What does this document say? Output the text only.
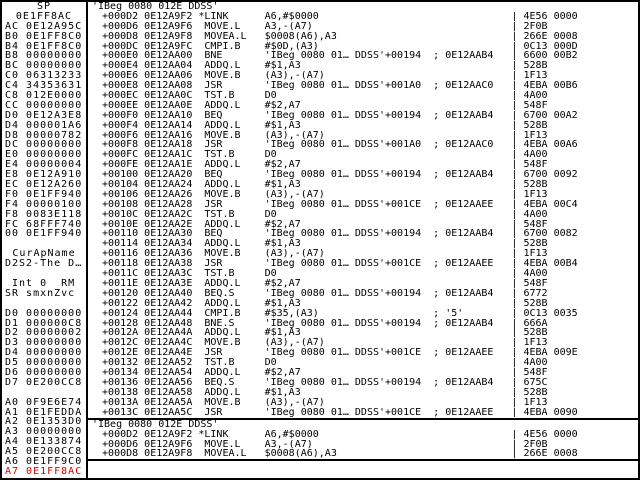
SP
0E1FF8AC
AC 0E12A95C
B0 0E1FF8C0
B4 0E1FF8C0
B8 00000000
BC 00000000
C0 06313233
C4 34353631
C8 012E0000
CC 00000000
D0 0E12A3E8
D4 000001A6
D8 00000782
DC 00000000
E0 00000000
E4 00000004
E8 0E12A910
EC 0E12A260
F0 0E1FF940
F4 00000100
F8 0083E118
FC 68FFF740
00 0E1FF940
CurApName
D2S2-The D…
Int 0  RM
SR smxnZvc
D0 00000000
D1 000000C8
D2 00000002
D3 00000000
D4 00000000
D5 00000000
D6 00000000
D7 0E200CC8
A0 0F9E6E74
A1 0E1FEDDA
A2 0E1353D0
A3 00000000
A4 0E133874
A5 0E200CC8
A6 0E1FF9C0
A7 0E1FF8AC
'IBeg 0080 012E DDSS'
+000D2 0E12A9F2 *LINK      A6,#$0000                                | 4E56 0000
+000D6 0E12A9F6  MOVE.L    A3,-(A7)                                 | 2F0B
+000D8 0E12A9F8  MOVEA.L   $0008(A6),A3                             | 266E 0008
+000DC 0E12A9FC  CMPI.B    #$0D,(A3)                                | 0C13 000D
+000E0 0E12AA00  BNE       'IBeg 0080 01… DDSS'+00194  ; 0E12AAB4   | 6600 00B2
+000E4 0E12AA04  ADDQ.L    #$1,A3                                   | 528B
+000E6 0E12AA06  MOVE.B    (A3),-(A7)                               | 1F13
+000E8 0E12AA08  JSR       'IBeg 0080 01… DDSS'+001A0  ; 0E12AAC0   | 4EBA 00B6
+000EC 0E12AA0C  TST.B     D0                                       | 4A00
+000EE 0E12AA0E  ADDQ.L    #$2,A7                                   | 548F
+000F0 0E12AA10  BEQ       'IBeg 0080 01… DDSS'+00194  ; 0E12AAB4   | 6700 00A2
+000F4 0E12AA14  ADDQ.L    #$1,A3                                   | 528B
+000F6 0E12AA16  MOVE.B    (A3),-(A7)                               | 1F13
+000F8 0E12AA18  JSR       'IBeg 0080 01… DDSS'+001A0  ; 0E12AAC0   | 4EBA 00A6
+000FC 0E12AA1C  TST.B     D0                                       | 4A00
+000FE 0E12AA1E  ADDQ.L    #$2,A7                                   | 548F
+00100 0E12AA20  BEQ       'IBeg 0080 01… DDSS'+00194  ; 0E12AAB4   | 6700 0092
+00104 0E12AA24  ADDQ.L    #$1,A3                                   | 528B
+00106 0E12AA26  MOVE.B    (A3),-(A7)                               | 1F13
+00108 0E12AA28  JSR       'IBeg 0080 01… DDSS'+001CE  ; 0E12AAEE   | 4EBA 00C4
+0010C 0E12AA2C  TST.B     D0                                       | 4A00
+0010E 0E12AA2E  ADDQ.L    #$2,A7                                   | 548F
+00110 0E12AA30  BEQ       'IBeg 0080 01… DDSS'+00194  ; 0E12AAB4   | 6700 0082
+00114 0E12AA34  ADDQ.L    #$1,A3                                   | 528B
+00116 0E12AA36  MOVE.B    (A3),-(A7)                               | 1F13
+00118 0E12AA38  JSR       'IBeg 0080 01… DDSS'+001CE  ; 0E12AAEE   | 4EBA 00B4
+0011C 0E12AA3C  TST.B     D0                                       | 4A00
+0011E 0E12AA3E  ADDQ.L    #$2,A7                                   | 548F
+00120 0E12AA40  BEQ.S     'IBeg 0080 01… DDSS'+00194  ; 0E12AAB4   | 6772
+00122 0E12AA42  ADDQ.L    #$1,A3                                   | 528B
+00124 0E12AA44  CMPI.B    #$35,(A3)                   ; '5'        | 0C13 0035
+00128 0E12AA48  BNE.S     'IBeg 0080 01… DDSS'+00194  ; 0E12AAB4   | 666A
+0012A 0E12AA4A  ADDQ.L    #$1,A3                                   | 528B
+0012C 0E12AA4C  MOVE.B    (A3),-(A7)                               | 1F13
+0012E 0E12AA4E  JSR       'IBeg 0080 01… DDSS'+001CE  ; 0E12AAEE   | 4EBA 009E
+00132 0E12AA52  TST.B     D0                                       | 4A00
+00134 0E12AA54  ADDQ.L    #$2,A7                                   | 548F
+00136 0E12AA56  BEQ.S     'IBeg 0080 01… DDSS'+00194  ; 0E12AAB4   | 675C
+00138 0E12AA58  ADDQ.L    #$1,A3                                   | 528B
+0013A 0E12AA5A  MOVE.B    (A3),-(A7)                               | 1F13
+0013C 0E12AA5C  JSR       'IBeg 0080 01… DDSS'+001CE  ; 0E12AAEE   | 4EBA 0090
'IBeg 0080 012E DDSS'
+000D2 0E12A9F2 *LINK      A6,#$0000                                | 4E56 0000
+000D6 0E12A9F6  MOVE.L    A3,-(A7)                                 | 2F0B
+000D8 0E12A9F8  MOVEA.L   $0008(A6),A3                             | 266E 0008
